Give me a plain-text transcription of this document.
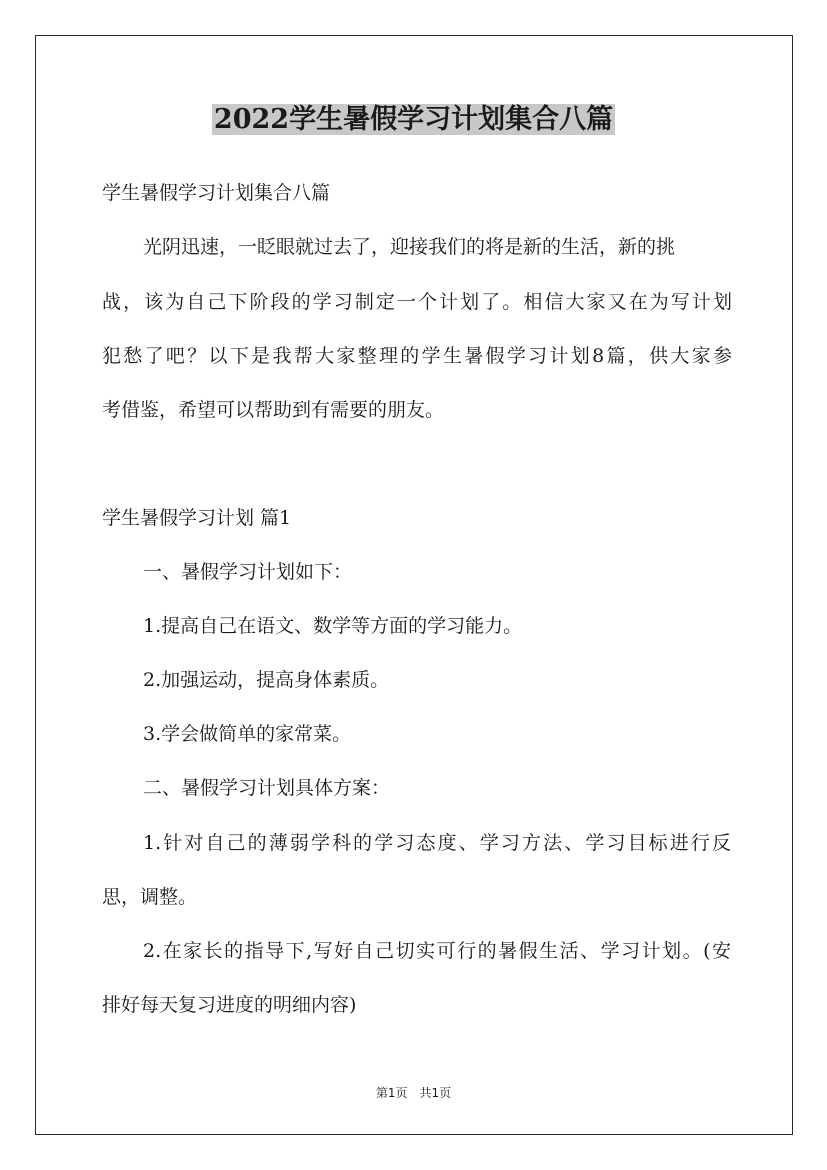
2022学生暑假学习计划集合八篇
学生暑假学习计划集合八篇
光阴迅速，一眨眼就过去了，迎接我们的将是新的生活，新的挑
战，该为自己下阶段的学习制定一个计划了。相信大家又在为写计划
犯愁了吧？以下是我帮大家整理的学生暑假学习计划8篇，供大家参
考借鉴，希望可以帮助到有需要的朋友。
学生暑假学习计划 篇1
一、暑假学习计划如下：
1.提高自己在语文、数学等方面的学习能力。
2.加强运动，提高身体素质。
3.学会做简单的家常菜。
二、暑假学习计划具体方案：
1.针对自己的薄弱学科的学习态度、学习方法、学习目标进行反
思，调整。
2.在家长的指导下,写好自己切实可行的暑假生活、学习计划。(安
排好每天复习进度的明细内容)
第1页　共1页
